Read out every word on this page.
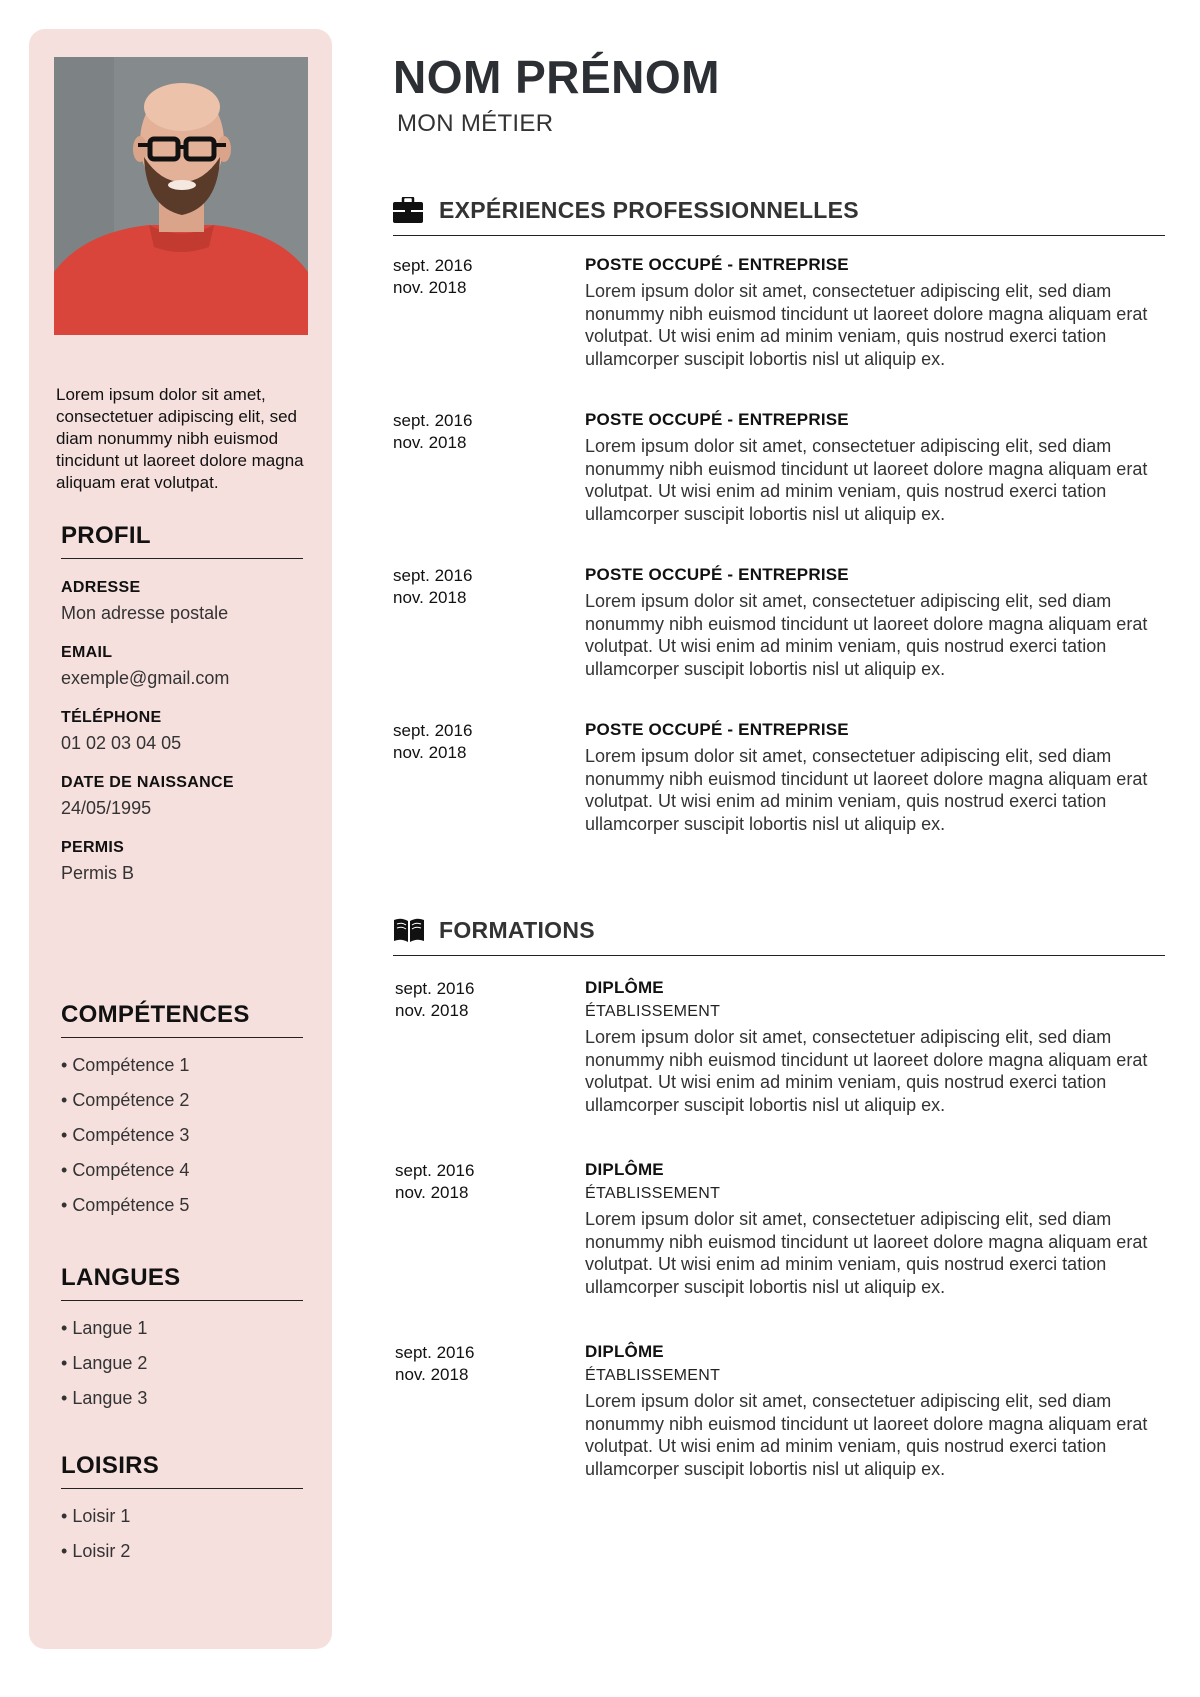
Lorem ipsum dolor sit amet, consectetuer adipiscing elit, sed diam nonummy nibh euismod tincidunt ut laoreet dolore magna aliquam erat volutpat.
PROFIL
ADRESSE
Mon adresse postale
EMAIL
exemple@gmail.com
TÉLÉPHONE
01 02 03 04 05
DATE DE NAISSANCE
24/05/1995
PERMIS
Permis B
COMPÉTENCES
• Compétence 1
• Compétence 2
• Compétence 3
• Compétence 4
• Compétence 5
LANGUES
• Langue 1
• Langue 2
• Langue 3
LOISIRS
• Loisir 1
• Loisir 2
NOM PRÉNOM
MON MÉTIER
EXPÉRIENCES PROFESSIONNELLES
sept. 2016
nov. 2018
POSTE OCCUPÉ - ENTREPRISE
Lorem ipsum dolor sit amet, consectetuer adipiscing elit, sed diam nonummy nibh euismod tincidunt ut laoreet dolore magna aliquam erat volutpat. Ut wisi enim ad minim veniam, quis nostrud exerci tation ullamcorper suscipit lobortis nisl ut aliquip ex.
sept. 2016
nov. 2018
POSTE OCCUPÉ - ENTREPRISE
Lorem ipsum dolor sit amet, consectetuer adipiscing elit, sed diam nonummy nibh euismod tincidunt ut laoreet dolore magna aliquam erat volutpat. Ut wisi enim ad minim veniam, quis nostrud exerci tation ullamcorper suscipit lobortis nisl ut aliquip ex.
sept. 2016
nov. 2018
POSTE OCCUPÉ - ENTREPRISE
Lorem ipsum dolor sit amet, consectetuer adipiscing elit, sed diam nonummy nibh euismod tincidunt ut laoreet dolore magna aliquam erat volutpat. Ut wisi enim ad minim veniam, quis nostrud exerci tation ullamcorper suscipit lobortis nisl ut aliquip ex.
sept. 2016
nov. 2018
POSTE OCCUPÉ - ENTREPRISE
Lorem ipsum dolor sit amet, consectetuer adipiscing elit, sed diam nonummy nibh euismod tincidunt ut laoreet dolore magna aliquam erat volutpat. Ut wisi enim ad minim veniam, quis nostrud exerci tation ullamcorper suscipit lobortis nisl ut aliquip ex.
FORMATIONS
sept. 2016
nov. 2018
DIPLÔME
ÉTABLISSEMENT
Lorem ipsum dolor sit amet, consectetuer adipiscing elit, sed diam nonummy nibh euismod tincidunt ut laoreet dolore magna aliquam erat volutpat. Ut wisi enim ad minim veniam, quis nostrud exerci tation ullamcorper suscipit lobortis nisl ut aliquip ex.
sept. 2016
nov. 2018
DIPLÔME
ÉTABLISSEMENT
Lorem ipsum dolor sit amet, consectetuer adipiscing elit, sed diam nonummy nibh euismod tincidunt ut laoreet dolore magna aliquam erat volutpat. Ut wisi enim ad minim veniam, quis nostrud exerci tation ullamcorper suscipit lobortis nisl ut aliquip ex.
sept. 2016
nov. 2018
DIPLÔME
ÉTABLISSEMENT
Lorem ipsum dolor sit amet, consectetuer adipiscing elit, sed diam nonummy nibh euismod tincidunt ut laoreet dolore magna aliquam erat volutpat. Ut wisi enim ad minim veniam, quis nostrud exerci tation ullamcorper suscipit lobortis nisl ut aliquip ex.
